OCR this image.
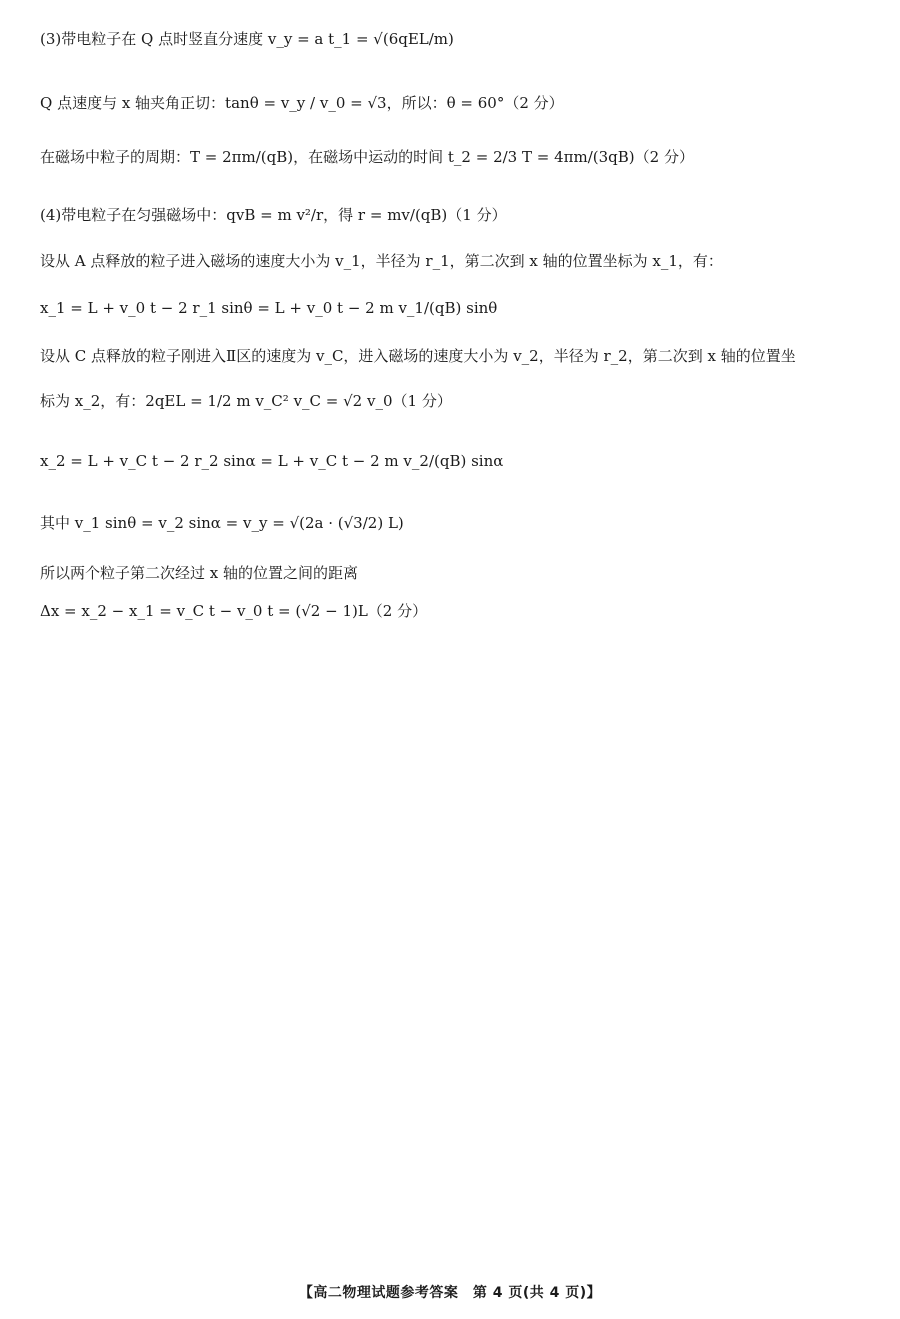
(3)带电粒子在 Q 点时竖直分速度 v_y = a t_1 = √(6qEL/m)
Q 点速度与 x 轴夹角正切：tanθ = v_y / v_0 = √3，所以：θ = 60°（2 分）
在磁场中粒子的周期：T = 2πm/(qB)，在磁场中运动的时间 t_2 = 2/3 T = 4πm/(3qB)（2 分）
(4)带电粒子在匀强磁场中：qvB = m v²/r，得 r = mv/(qB)（1 分）
设从 A 点释放的粒子进入磁场的速度大小为 v_1，半径为 r_1，第二次到 x 轴的位置坐标为 x_1，有：
x_1 = L + v_0 t − 2 r_1 sinθ = L + v_0 t − 2 m v_1/(qB) sinθ
设从 C 点释放的粒子刚进入Ⅱ区的速度为 v_C，进入磁场的速度大小为 v_2，半径为 r_2，第二次到 x 轴的位置坐
标为 x_2，有：2qEL = 1/2 m v_C² v_C = √2 v_0（1 分）
x_2 = L + v_C t − 2 r_2 sinα = L + v_C t − 2 m v_2/(qB) sinα
其中 v_1 sinθ = v_2 sinα = v_y = √(2a · (√3/2) L)
所以两个粒子第二次经过 x 轴的位置之间的距离
Δx = x_2 − x_1 = v_C t − v_0 t = (√2 − 1)L（2 分）
【高二物理试题参考答案　第 4 页(共 4 页)】
